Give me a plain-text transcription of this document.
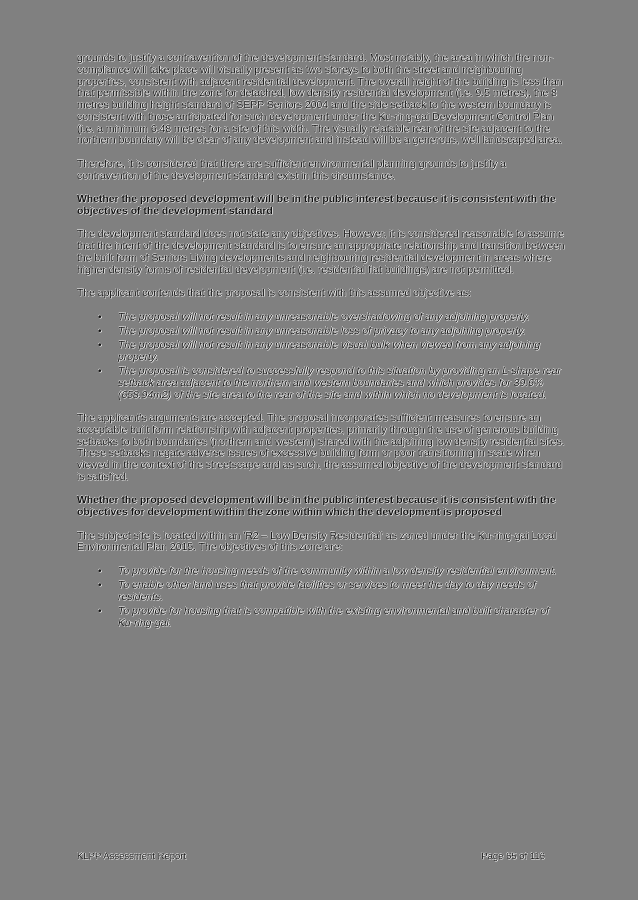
grounds to justify a contravention of the development standard. Most notably, the area in which the non-compliance will take place will visually present as two storeys to both the street and neighbouring properties, consistent with adjacent residential development. The overall height of the building is less than that permissible within the zone for detached, low density residential development (i.e. 9.5 metres), the 8 metres building height standard of SEPP Seniors 2004 and the side setback to the western boundary is consistent with those anticipated for such development under the Ku-ring-gai Development Control Plan (i.e. a minimum 6.48 metres for a site of this width. The visually relatable rear of the site adjacent to the northern boundary will be clear of any development and instead will be a generous, well landscaped area.

Therefore, it is considered that there are sufficient environmental planning grounds to justify a contravention of the development standard exist in this circumstance.

Whether the proposed development will be in the public interest because it is consistent with the objectives of the development standard

The development standard does not state any objectives. However, it is considered reasonable to assume that the intent of the development standard is to ensure an appropriate relationship and transition between the built form of Seniors Living developments and neighbouring residential development in areas where higher density forms of residential development (i.e. residential flat buildings) are not permitted.

The applicant contends that the proposal is consistent with this assumed objective as:

• The proposal will not result in any unreasonable overshadowing of any adjoining property.
• The proposal will not result in any unreasonable loss of privacy to any adjoining property.
• The proposal will not result in any unreasonable visual bulk when viewed from any adjoining property.
• The proposal is considered to successfully respond to this situation by providing an L-shape rear setback area adjacent to the northern and western boundaries and which provides for 39.6% (658.94m2) of the site area to the rear of the site and within which no development is located.

The applicant's arguments are accepted. The proposal incorporates sufficient measures to ensure an acceptable built form relationship with adjacent properties, primarily through the use of generous building setbacks to both boundaries (northern and western) shared with the adjoining low density residential sites. These setbacks negate adverse issues of excessive building form or poor transitioning in scale when viewed in the context of the streetscape and as such, the assumed objective of the development standard is satisfied.

Whether the proposed development will be in the public interest because it is consistent with the objectives for development within the zone within which the development is proposed

The subject site is located within an 'R2 – Low Density Residential' as zoned under the Ku-ring-gai Local Environmental Plan 2015. The objectives of this zone are:

• To provide for the housing needs of the community within a low density residential environment.
• To enable other land uses that provide facilities or services to meet the day to day needs of residents.
• To provide for housing that is compatible with the existing environmental and built character of Ku-ring-gai.
KLPP Assessment Report	Page 65 of 116
